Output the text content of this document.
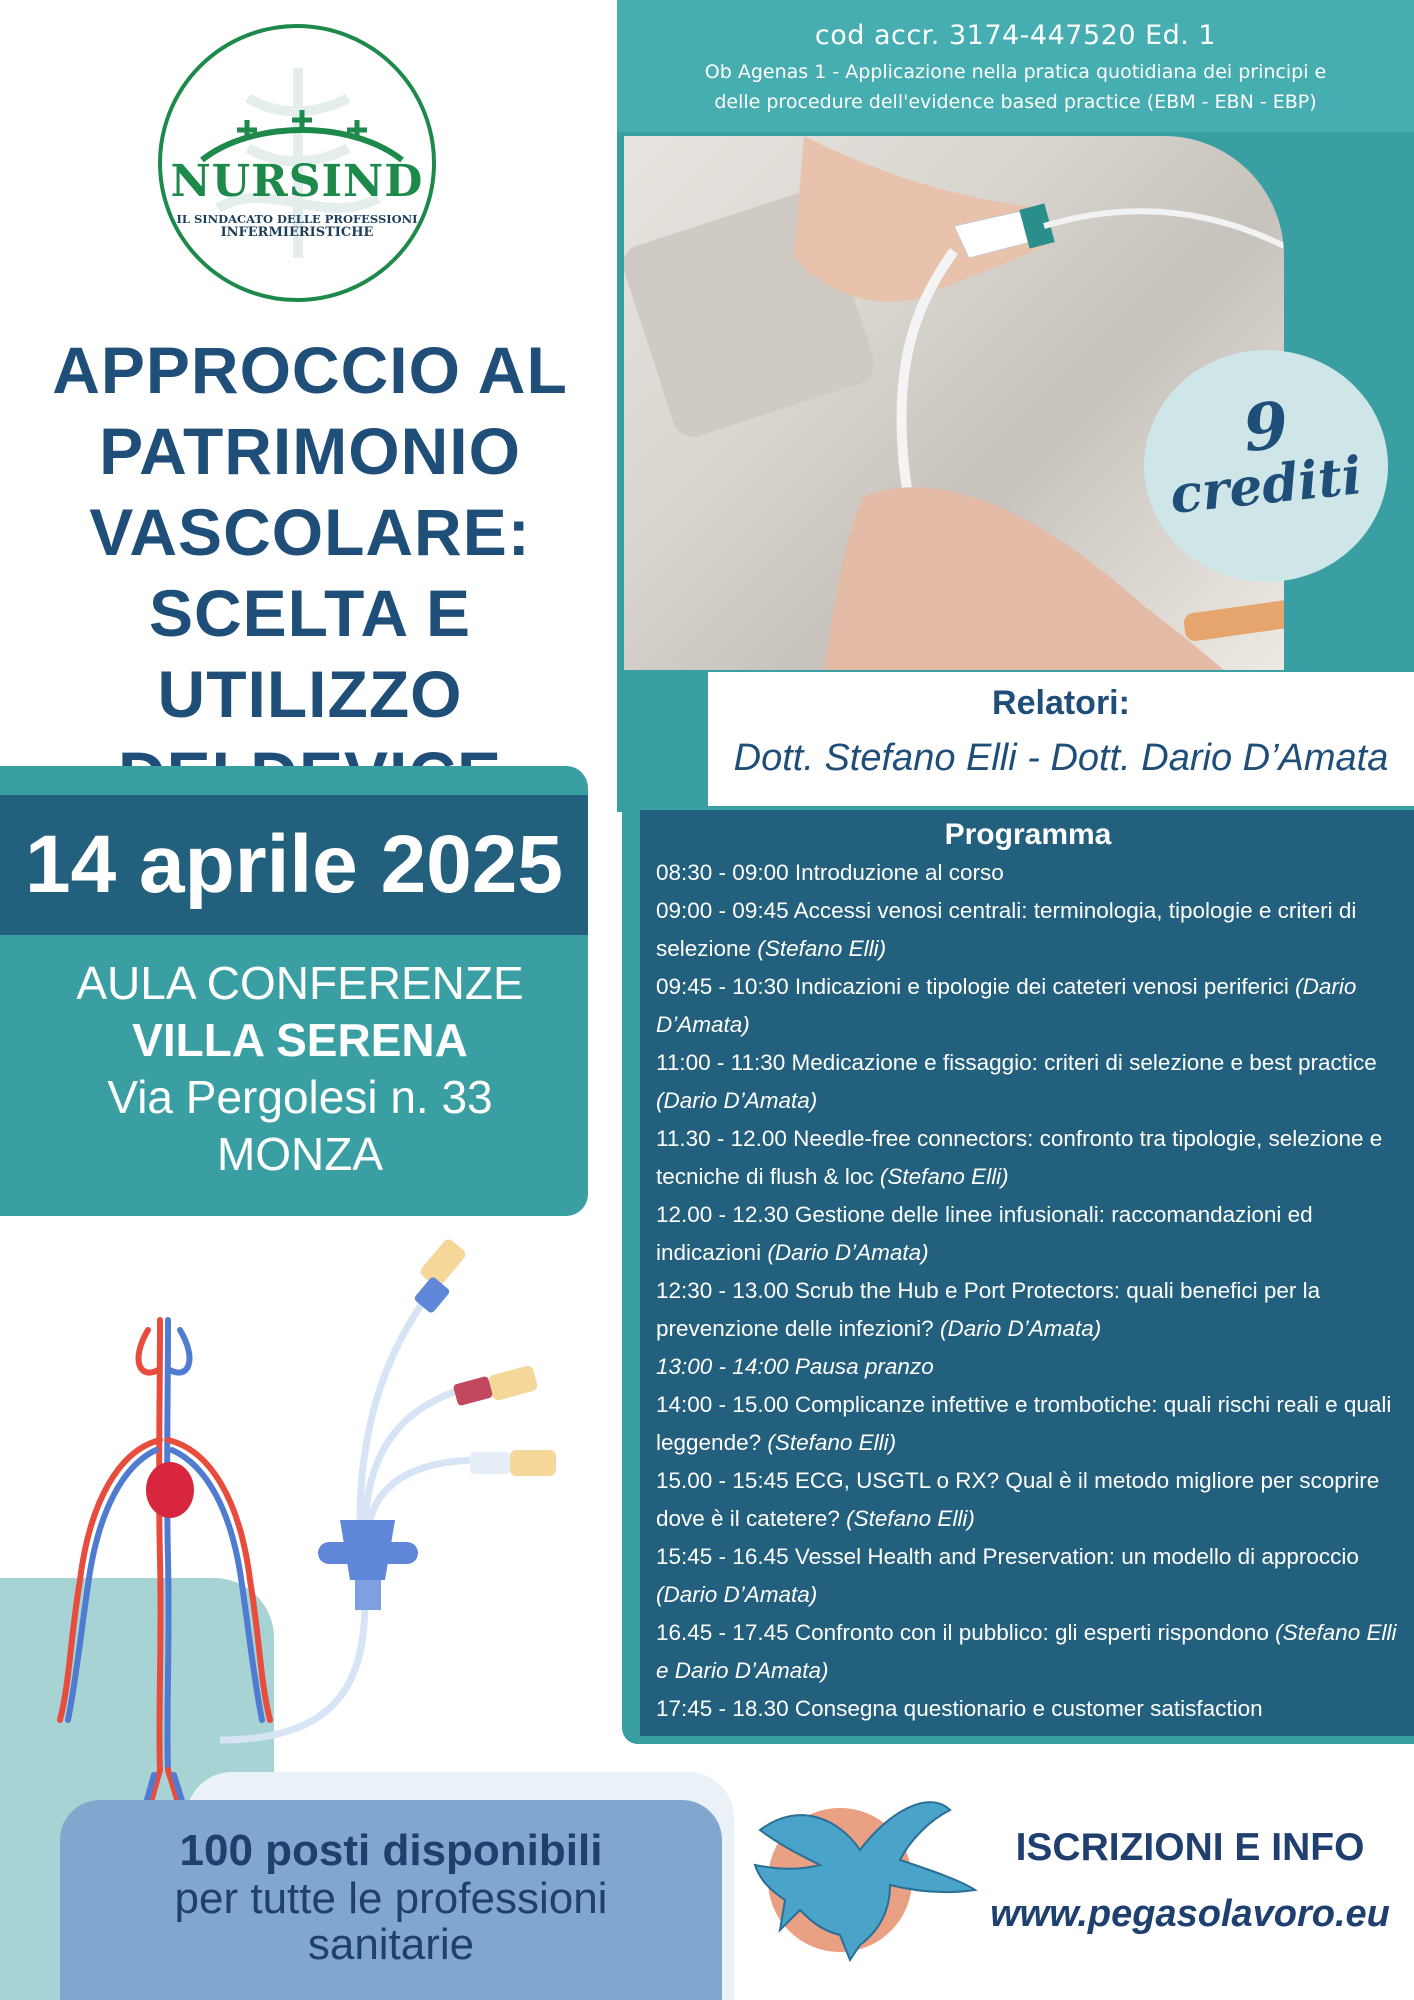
cod accr. 3174-447520 Ed. 1
Ob Agenas 1 - Applicazione nella pratica quotidiana dei principi e
delle procedure dell'evidence based practice (EBM - EBN - EBP)
9
crediti
NURSIND
IL SINDACATO DELLE PROFESSIONI
INFERMIERISTICHE
APPROCCIO AL
PATRIMONIO
VASCOLARE:
SCELTA E UTILIZZO
14 aprile 2025
AULA CONFERENZE
VILLA SERENA
Via Pergolesi n. 33
MONZA
Relatori:
Dott. Stefano Elli - Dott. Dario D’Amata
Programma
08:30 - 09:00 Introduzione al corso
09:00 - 09:45 Accessi venosi centrali: terminologia, tipologie e criteri di selezione (Stefano Elli)
09:45 - 10:30 Indicazioni e tipologie dei cateteri venosi periferici (Dario D’Amata)
11:00 - 11:30 Medicazione e fissaggio: criteri di selezione e best practice (Dario D’Amata)
11.30 - 12.00 Needle-free connectors: confronto tra tipologie, selezione e tecniche di flush & loc (Stefano Elli)
12.00 - 12.30 Gestione delle linee infusionali: raccomandazioni ed indicazioni (Dario D’Amata)
12:30 - 13.00 Scrub the Hub e Port Protectors: quali benefici per la prevenzione delle infezioni? (Dario D’Amata)
13:00 - 14:00 Pausa pranzo
14:00 - 15.00 Complicanze infettive e trombotiche: quali rischi reali e quali leggende? (Stefano Elli)
15.00 - 15:45 ECG, USGTL o RX? Qual è il metodo migliore per scoprire dove è il catetere? (Stefano Elli)
15:45 - 16.45 Vessel Health and Preservation: un modello di approccio (Dario D’Amata)
16.45 - 17.45 Confronto con il pubblico: gli esperti rispondono (Stefano Elli e Dario D’Amata)
17:45 - 18.30 Consegna questionario e customer satisfaction
100 posti disponibili
per tutte le professioni
sanitarie
ISCRIZIONI E INFO
www.pegasolavoro.eu
